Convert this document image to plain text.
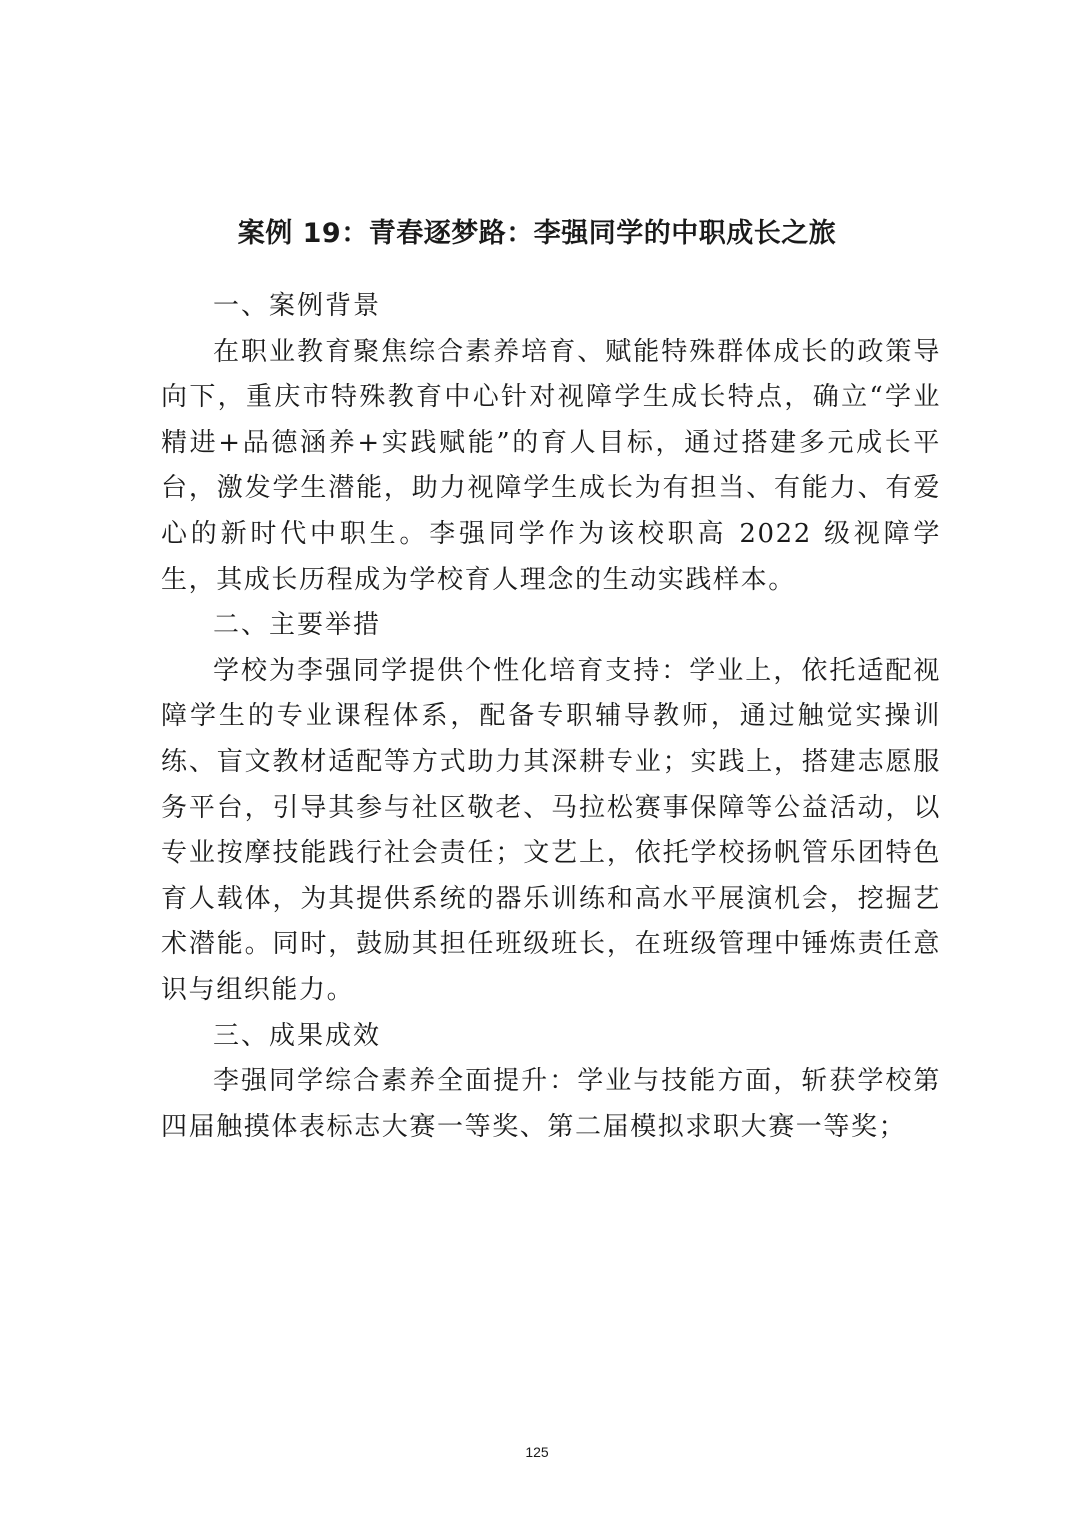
案例 19：青春逐梦路：李强同学的中职成长之旅

一、案例背景

在职业教育聚焦综合素养培育、赋能特殊群体成长的政策导向下，重庆市特殊教育中心针对视障学生成长特点，确立“学业精进+品德涵养+实践赋能”的育人目标，通过搭建多元成长平台，激发学生潜能，助力视障学生成长为有担当、有能力、有爱心的新时代中职生。李强同学作为该校职高 2022 级视障学生，其成长历程成为学校育人理念的生动实践样本。

二、主要举措

学校为李强同学提供个性化培育支持：学业上，依托适配视障学生的专业课程体系，配备专职辅导教师，通过触觉实操训练、盲文教材适配等方式助力其深耕专业；实践上，搭建志愿服务平台，引导其参与社区敬老、马拉松赛事保障等公益活动，以专业按摩技能践行社会责任；文艺上，依托学校扬帆管乐团特色育人载体，为其提供系统的器乐训练和高水平展演机会，挖掘艺术潜能。同时，鼓励其担任班级班长，在班级管理中锤炼责任意识与组织能力。

三、成果成效

李强同学综合素养全面提升：学业与技能方面，斩获学校第四届触摸体表标志大赛一等奖、第二届模拟求职大赛一等奖；

125
